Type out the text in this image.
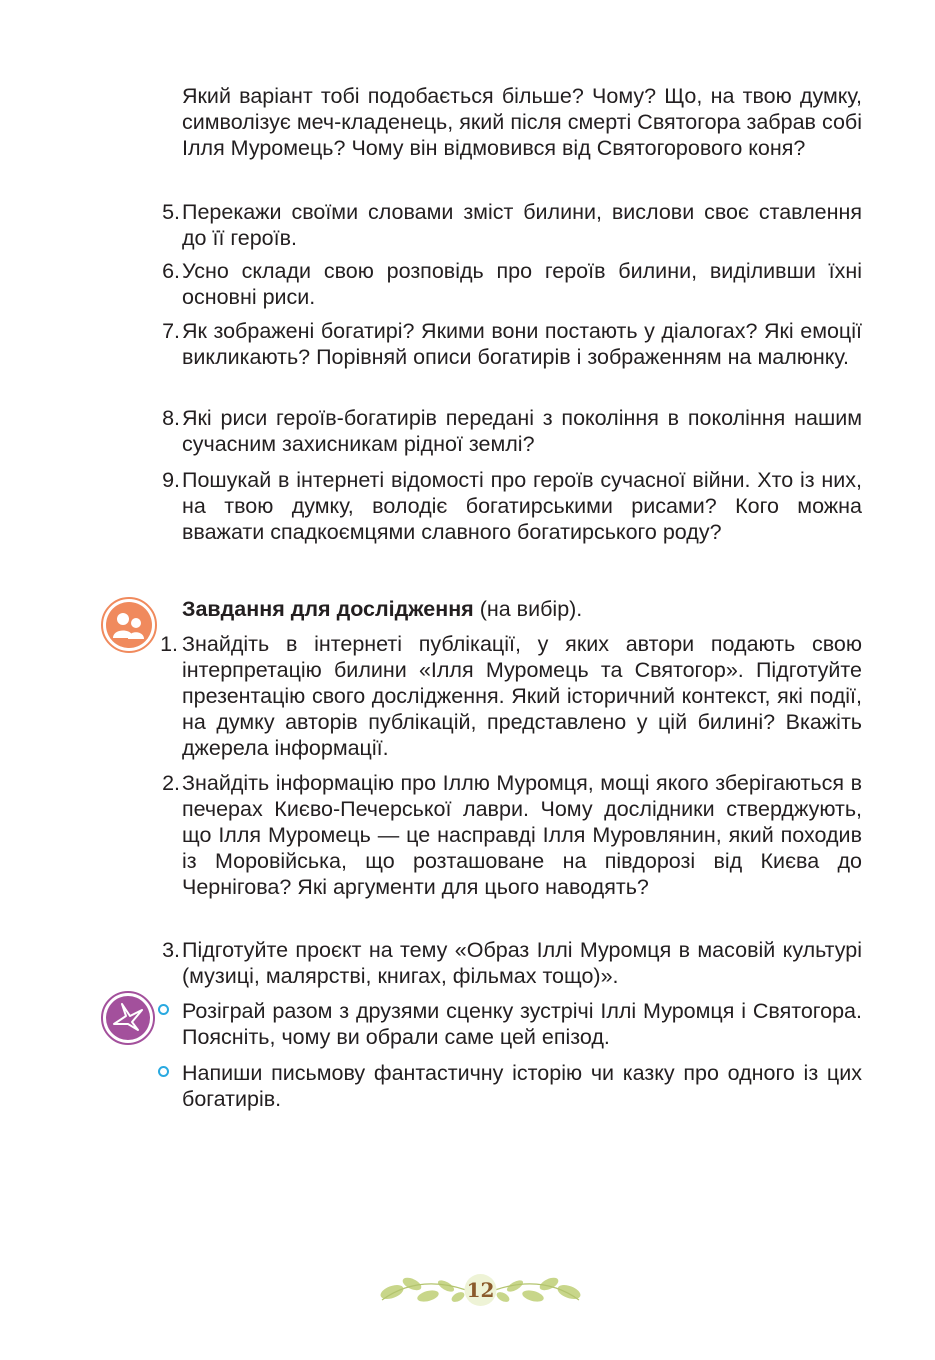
Який варіант тобі подобається більше? Чому? Що, на твою думку, символізує меч-кладенець, який після смерті Святогора забрав собі Ілля Муромець? Чому він відмовився від Святогорового коня?

5. Перекажи своїми словами зміст билини, вислови своє ставлення до її героїв.
6. Усно склади свою розповідь про героїв билини, виділивши їхні основні риси.
7. Як зображені богатирі? Якими вони постають у діалогах? Які емоції викликають? Порівняй описи богатирів і зображенням на малюнку.
8. Які риси героїв-богатирів передані з покоління в покоління нашим сучасним захисникам рідної землі?
9. Пошукай в інтернеті відомості про героїв сучасної війни. Хто із них, на твою думку, володіє богатирськими рисами? Кого можна вважати спадкоємцями славного богатирського роду?
Завдання для дослідження (на вибір).
1. Знайдіть в інтернеті публікації, у яких автори подають свою інтерпретацію билини «Ілля Муромець та Святогор». Підготуйте презентацію свого дослідження. Який історичний контекст, які події, на думку авторів публікацій, представлено у цій билині? Вкажіть джерела інформації.
2. Знайдіть інформацію про Іллю Муромця, мощі якого зберігаються в печерах Києво-Печерської лаври. Чому дослідники стверджують, що Ілля Муромець — це насправді Ілля Муровлянин, який походив із Моровійська, що розташоване на півдорозі від Києва до Чернігова? Які аргументи для цього наводять?
3. Підготуйте проєкт на тему «Образ Іллі Муромця в масовій культурі (музиці, малярстві, книгах, фільмах тощо)».
Розіграй разом з друзями сценку зустрічі Іллі Муромця і Святогора. Поясніть, чому ви обрали саме цей епізод.
Напиши письмову фантастичну історію чи казку про одного із цих богатирів.
12
